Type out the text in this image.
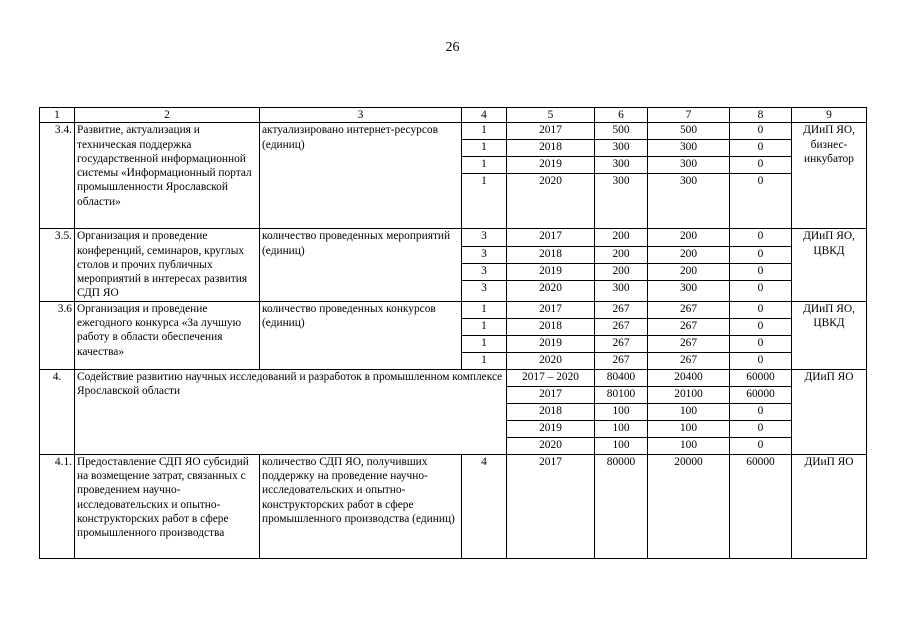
26
1	2	3	4	5	6	7	8	9
3.4.	Развитие, актуализация и техническая поддержка государственной информационной системы «Информационный портал промышленности Ярославской области»	актуализировано интернет-ресурсов (единиц)	1	2017	500	500	0	ДИиП ЯО, бизнес-инкубатор
			1	2018	300	300	0	
			1	2019	300	300	0	
			1	2020	300	300	0	
3.5.	Организация и проведение конференций, семинаров, круглых столов и прочих публичных мероприятий в интересах развития СДП ЯО	количество проведенных мероприятий (единиц)	3	2017	200	200	0	ДИиП ЯО, ЦВКД
			3	2018	200	200	0	
			3	2019	200	200	0	
			3	2020	300	300	0	
3.6	Организация и проведение ежегодного конкурса «За лучшую работу в области обеспечения качества»	количество проведенных конкурсов (единиц)	1	2017	267	267	0	ДИиП ЯО, ЦВКД
			1	2018	267	267	0	
			1	2019	267	267	0	
			1	2020	267	267	0	
4.	Содействие развитию научных исследований и разработок в промышленном комплексе Ярославской области			2017 – 2020	80400	20400	60000	ДИиП ЯО
				2017	80100	20100	60000	
				2018	100	100	0	
				2019	100	100	0	
				2020	100	100	0	
4.1.	Предоставление СДП ЯО субсидий на возмещение затрат, связанных с проведением научно-исследовательских и опытно-конструкторских работ в сфере промышленного производства	количество СДП ЯО, получивших поддержку на проведение научно-исследовательских и опытно-конструкторских работ в сфере промышленного производства (единиц)	4	2017	80000	20000	60000	ДИиП ЯО
